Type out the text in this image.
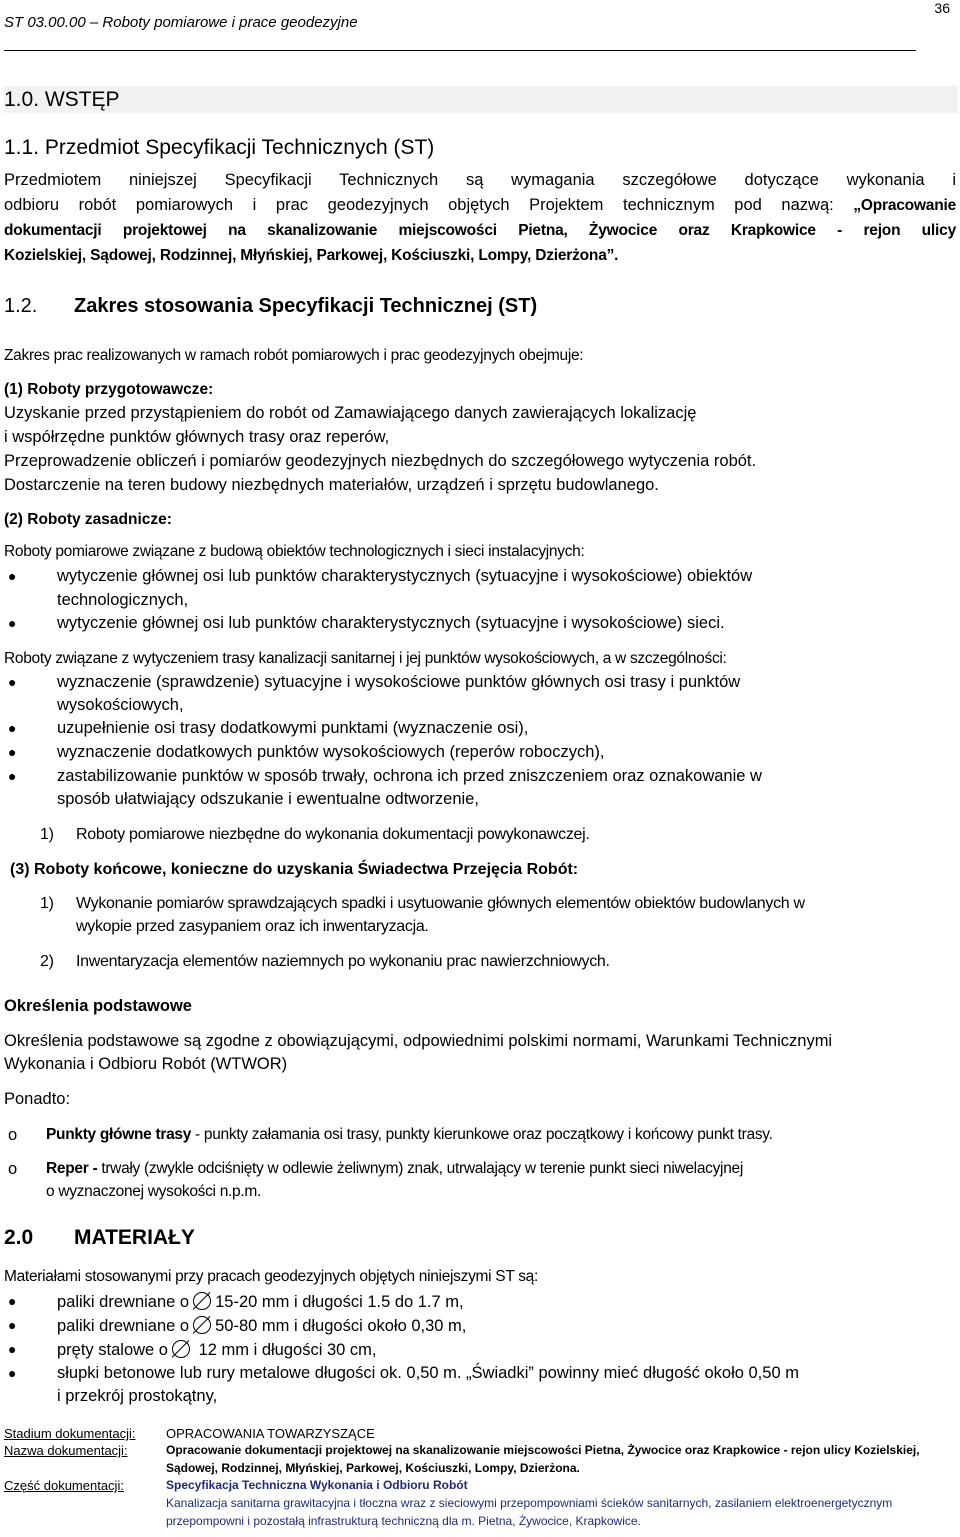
ST 03.00.00 – Roboty pomiarowe i prace geodezyjne
36
1.0. WSTĘP
1.1. Przedmiot Specyfikacji Technicznych (ST)
Przedmiotem niniejszej Specyfikacji Technicznych są wymagania szczegółowe dotyczące wykonania i
odbioru robót pomiarowych i prac geodezyjnych objętych Projektem technicznym pod nazwą: „Opracowanie
dokumentacji projektowej na skanalizowanie miejscowości Pietna, Żywocice oraz Krapkowice - rejon ulicy
Kozielskiej, Sądowej, Rodzinnej, Młyńskiej, Parkowej, Kościuszki, Lompy, Dzierżona”.
1.2. Zakres stosowania Specyfikacji Technicznej (ST)
Zakres prac realizowanych w ramach robót pomiarowych i prac geodezyjnych obejmuje:
(1) Roboty przygotowawcze:
Uzyskanie przed przystąpieniem do robót od Zamawiającego danych zawierających lokalizację
i współrzędne punktów głównych trasy oraz reperów,
Przeprowadzenie obliczeń i pomiarów geodezyjnych niezbędnych do szczegółowego wytyczenia robót.
Dostarczenie na teren budowy niezbędnych materiałów, urządzeń i sprzętu budowlanego.
(2) Roboty zasadnicze:
Roboty pomiarowe związane z budową obiektów technologicznych i sieci instalacyjnych:
● wytyczenie głównej osi lub punktów charakterystycznych (sytuacyjne i wysokościowe) obiektów
technologicznych,
● wytyczenie głównej osi lub punktów charakterystycznych (sytuacyjne i wysokościowe) sieci.
Roboty związane z wytyczeniem trasy kanalizacji sanitarnej i jej punktów wysokościowych, a w szczególności:
● wyznaczenie (sprawdzenie) sytuacyjne i wysokościowe punktów głównych osi trasy i punktów
wysokościowych,
● uzupełnienie osi trasy dodatkowymi punktami (wyznaczenie osi),
● wyznaczenie dodatkowych punktów wysokościowych (reperów roboczych),
● zastabilizowanie punktów w sposób trwały, ochrona ich przed zniszczeniem oraz oznakowanie w
sposób ułatwiający odszukanie i ewentualne odtworzenie,
1) Roboty pomiarowe niezbędne do wykonania dokumentacji powykonawczej.
(3) Roboty końcowe, konieczne do uzyskania Świadectwa Przejęcia Robót:
1) Wykonanie pomiarów sprawdzających spadki i usytuowanie głównych elementów obiektów budowlanych w
wykopie przed zasypaniem oraz ich inwentaryzacja.
2) Inwentaryzacja elementów naziemnych po wykonaniu prac nawierzchniowych.
Określenia podstawowe
Określenia podstawowe są zgodne z obowiązującymi, odpowiednimi polskimi normami, Warunkami Technicznymi
Wykonania i Odbioru Robót (WTWOR)
Ponadto:
o Punkty główne trasy - punkty załamania osi trasy, punkty kierunkowe oraz początkowy i końcowy punkt trasy.
o Reper - trwały (zwykle odciśnięty w odlewie żeliwnym) znak, utrwalający w terenie punkt sieci niwelacyjnej
o wyznaczonej wysokości n.p.m.
2.0 MATERIAŁY
Materiałami stosowanymi przy pracach geodezyjnych objętych niniejszymi ST są:
● paliki drewniane o 15-20 mm i długości 1.5 do 1.7 m,
● paliki drewniane o 50-80 mm i długości około 0,30 m,
● pręty stalowe o 12 mm i długości 30 cm,
● słupki betonowe lub rury metalowe długości ok. 0,50 m. „Świadki” powinny mieć długość około 0,50 m
i przekrój prostokątny,
Stadium dokumentacji: OPRACOWANIA TOWARZYSZĄCE
Nazwa dokumentacji:	Opracowanie dokumentacji projektowej na skanalizowanie miejscowości Pietna, Żywocice oraz Krapkowice - rejon ulicy Kozielskiej,
Sądowej, Rodzinnej, Młyńskiej, Parkowej, Kościuszki, Lompy, Dzierżona.
Część dokumentacji:	Specyfikacja Techniczna Wykonania i Odbioru Robót
Kanalizacja sanitarna grawitacyjna i tłoczna wraz z sieciowymi przepompowniami ścieków sanitarnych, zasilaniem elektroenergetycznym
przepompowni i pozostałą infrastrukturą techniczną dla m. Pietna, Żywocice, Krapkowice.
